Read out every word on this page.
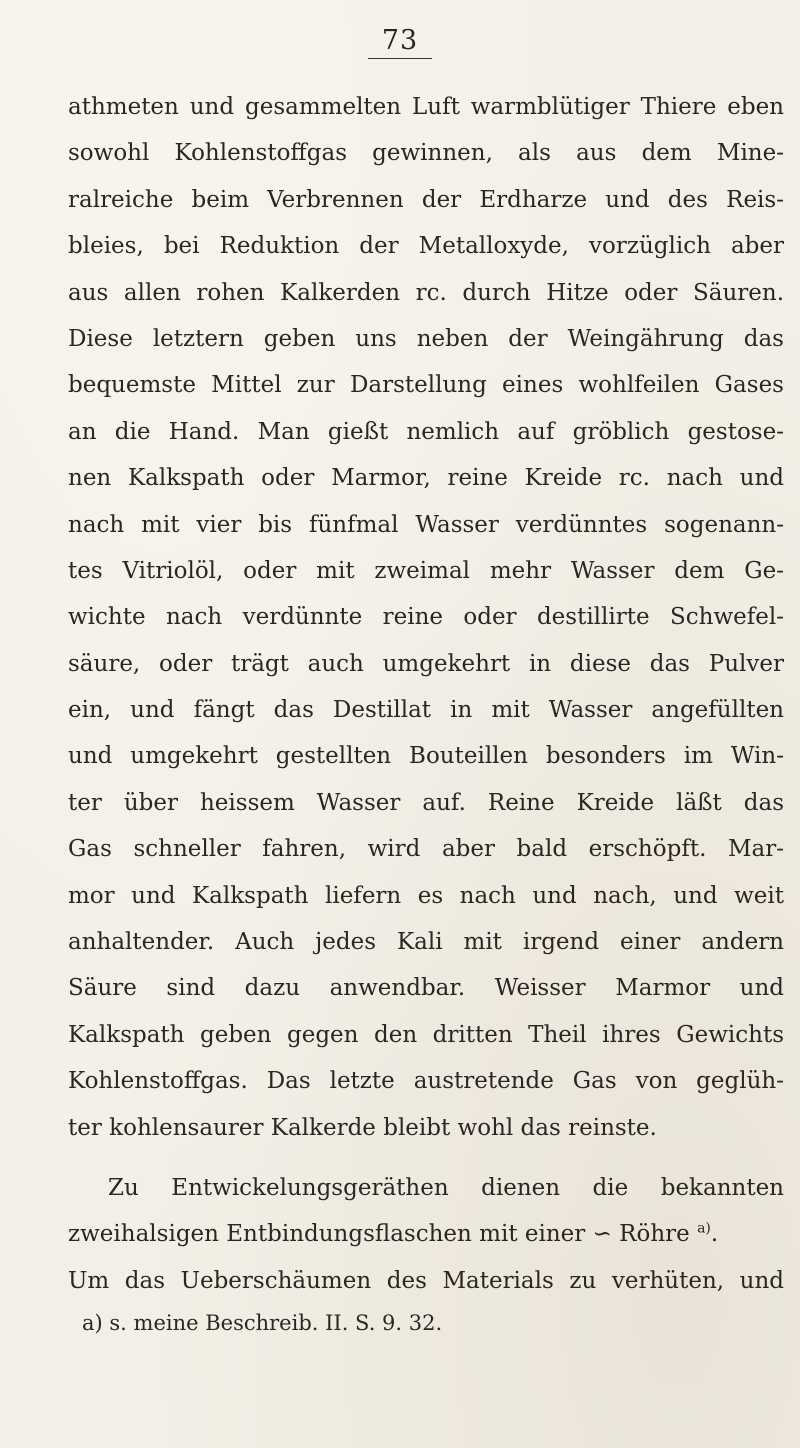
73
athmeten und gesammelten Luft warmblütiger Thiere eben
sowohl Kohlenstoffgas gewinnen, als aus dem Mine-
ralreiche beim Verbrennen der Erdharze und des Reis-
bleies, bei Reduktion der Metalloxyde, vorzüglich aber
aus allen rohen Kalkerden rc. durch Hitze oder Säuren.
Diese letztern geben uns neben der Weingährung das
bequemste Mittel zur Darstellung eines wohlfeilen Gases
an die Hand. Man gießt nemlich auf gröblich gestose-
nen Kalkspath oder Marmor, reine Kreide rc. nach und
nach mit vier bis fünfmal Wasser verdünntes sogenann-
tes Vitriolöl, oder mit zweimal mehr Wasser dem Ge-
wichte nach verdünnte reine oder destillirte Schwefel-
säure, oder trägt auch umgekehrt in diese das Pulver
ein, und fängt das Destillat in mit Wasser angefüllten
und umgekehrt gestellten Bouteillen besonders im Win-
ter über heissem Wasser auf. Reine Kreide läßt das
Gas schneller fahren, wird aber bald erschöpft. Mar-
mor und Kalkspath liefern es nach und nach, und weit
anhaltender. Auch jedes Kali mit irgend einer andern
Säure sind dazu anwendbar. Weisser Marmor und
Kalkspath geben gegen den dritten Theil ihres Gewichts
Kohlenstoffgas. Das letzte austretende Gas von geglüh-
ter kohlensaurer Kalkerde bleibt wohl das reinste.
Zu Entwickelungsgeräthen dienen die bekannten
zweihalsigen Entbindungsflaschen mit einer ∽ Röhre $^{a)}$.
Um das Ueberschäumen des Materials zu verhüten, und
a) s. meine Beschreib. II. S. 9. 32.
